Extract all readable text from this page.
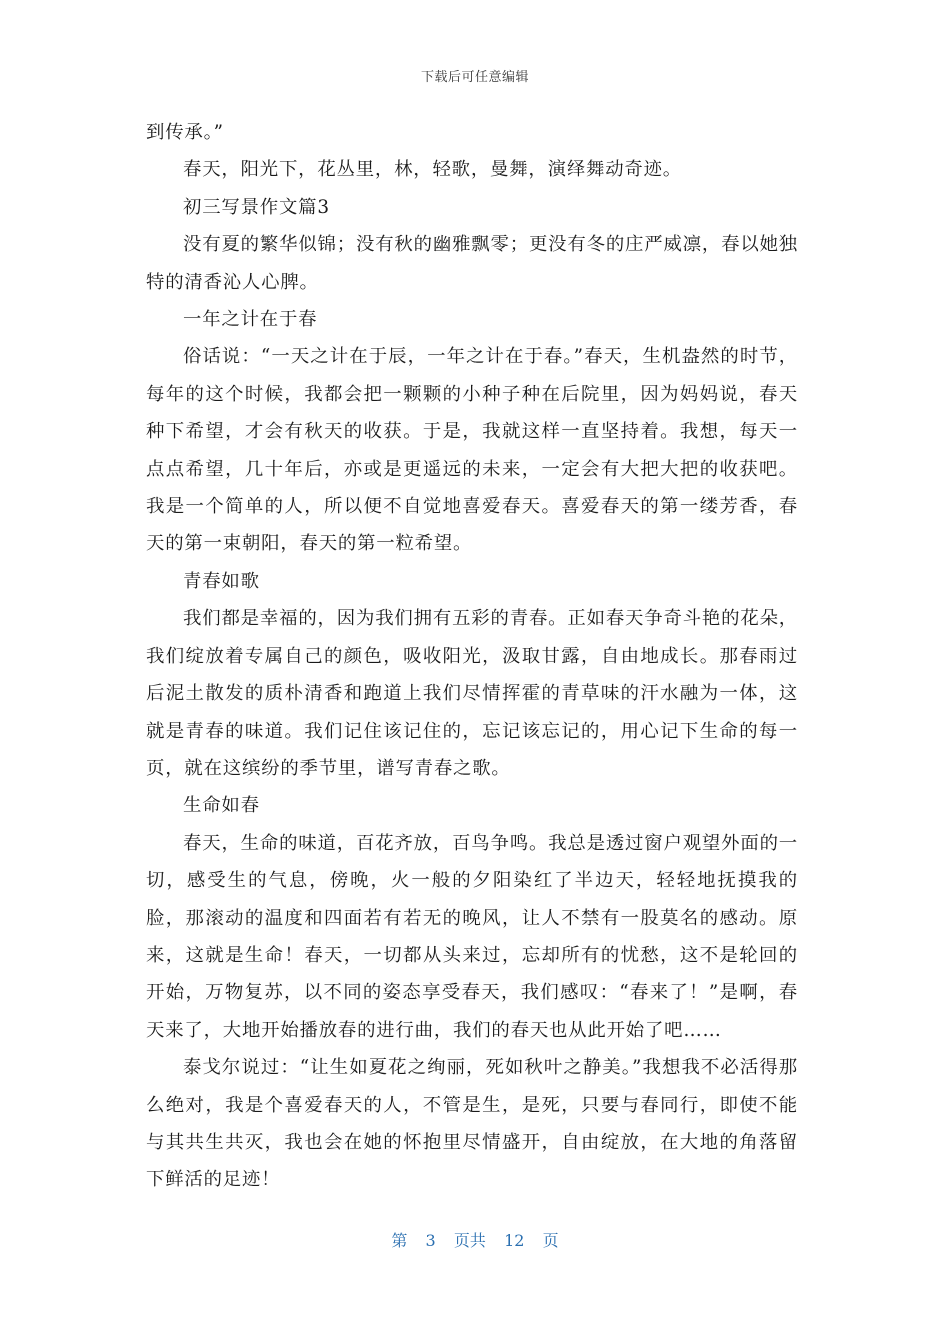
下载后可任意编辑

到传承。”

春天，阳光下，花丛里，林，轻歌，曼舞，演绎舞动奇迹。

初三写景作文篇3

没有夏的繁华似锦；没有秋的幽雅飘零；更没有冬的庄严威凛，春以她独特的清香沁人心脾。

一年之计在于春

俗话说：“一天之计在于辰，一年之计在于春。”春天，生机盎然的时节，每年的这个时候，我都会把一颗颗的小种子种在后院里，因为妈妈说，春天种下希望，才会有秋天的收获。于是，我就这样一直坚持着。我想，每天一点点希望，几十年后，亦或是更遥远的未来，一定会有大把大把的收获吧。我是一个简单的人，所以便不自觉地喜爱春天。喜爱春天的第一缕芳香，春天的第一束朝阳，春天的第一粒希望。

青春如歌

我们都是幸福的，因为我们拥有五彩的青春。正如春天争奇斗艳的花朵，我们绽放着专属自己的颜色，吸收阳光，汲取甘露，自由地成长。那春雨过后泥土散发的质朴清香和跑道上我们尽情挥霍的青草味的汗水融为一体，这就是青春的味道。我们记住该记住的，忘记该忘记的，用心记下生命的每一页，就在这缤纷的季节里，谱写青春之歌。

生命如春

春天，生命的味道，百花齐放，百鸟争鸣。我总是透过窗户观望外面的一切，感受生的气息，傍晚，火一般的夕阳染红了半边天，轻轻地抚摸我的脸，那滚动的温度和四面若有若无的晚风，让人不禁有一股莫名的感动。原来，这就是生命！春天，一切都从头来过，忘却所有的忧愁，这不是轮回的开始，万物复苏，以不同的姿态享受春天，我们感叹：“春来了！”是啊，春天来了，大地开始播放春的进行曲，我们的春天也从此开始了吧……

泰戈尔说过：“让生如夏花之绚丽，死如秋叶之静美。”我想我不必活得那么绝对，我是个喜爱春天的人，不管是生，是死，只要与春同行，即使不能与其共生共灭，我也会在她的怀抱里尽情盛开，自由绽放，在大地的角落留下鲜活的足迹！

第  3  页共  12  页
